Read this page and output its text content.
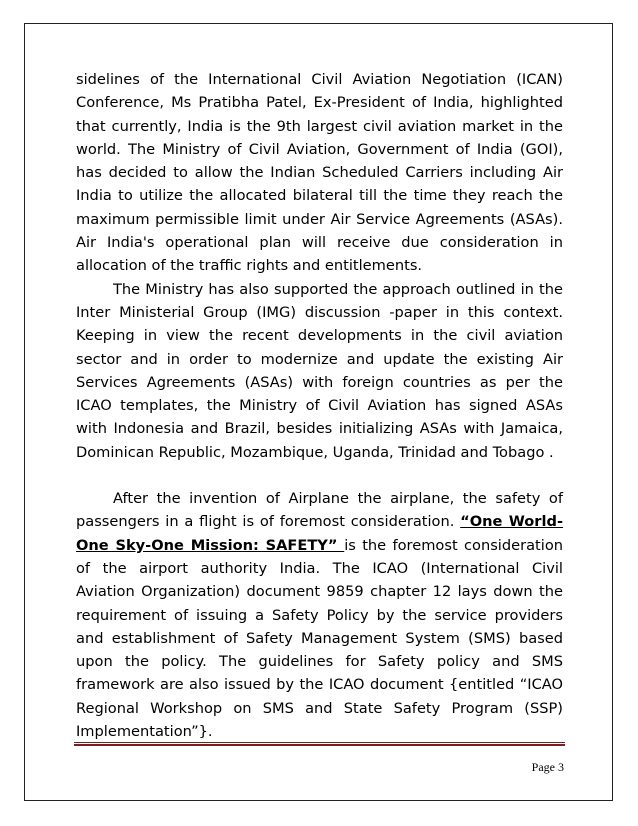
sidelines of the International Civil Aviation Negotiation (ICAN) Conference, Ms Pratibha Patel, Ex-President of India, highlighted that currently, India is the 9th largest civil aviation market in the world. The Ministry of Civil Aviation, Government of India (GOI), has decided to allow the Indian Scheduled Carriers including Air India to utilize the allocated bilateral till the time they reach the maximum permissible limit under Air Service Agreements (ASAs). Air India's operational plan will receive due consideration in allocation of the traffic rights and entitlements.

The Ministry has also supported the approach outlined in the Inter Ministerial Group (IMG) discussion -paper in this context. Keeping in view the recent developments in the civil aviation sector and in order to modernize and update the existing Air Services Agreements (ASAs) with foreign countries as per the ICAO templates, the Ministry of Civil Aviation has signed ASAs with Indonesia and Brazil, besides initializing ASAs with Jamaica, Dominican Republic, Mozambique, Uganda, Trinidad and Tobago .

After the invention of Airplane the airplane, the safety of passengers in a flight is of foremost consideration. “One World-One Sky-One Mission: SAFETY” is the foremost consideration of the airport authority India. The ICAO (International Civil Aviation Organization) document 9859 chapter 12 lays down the requirement of issuing a Safety Policy by the service providers and establishment of Safety Management System (SMS) based upon the policy. The guidelines for Safety policy and SMS framework are also issued by the ICAO document {entitled “ICAO Regional Workshop on SMS and State Safety Program (SSP) Implementation”}.

Page 3
